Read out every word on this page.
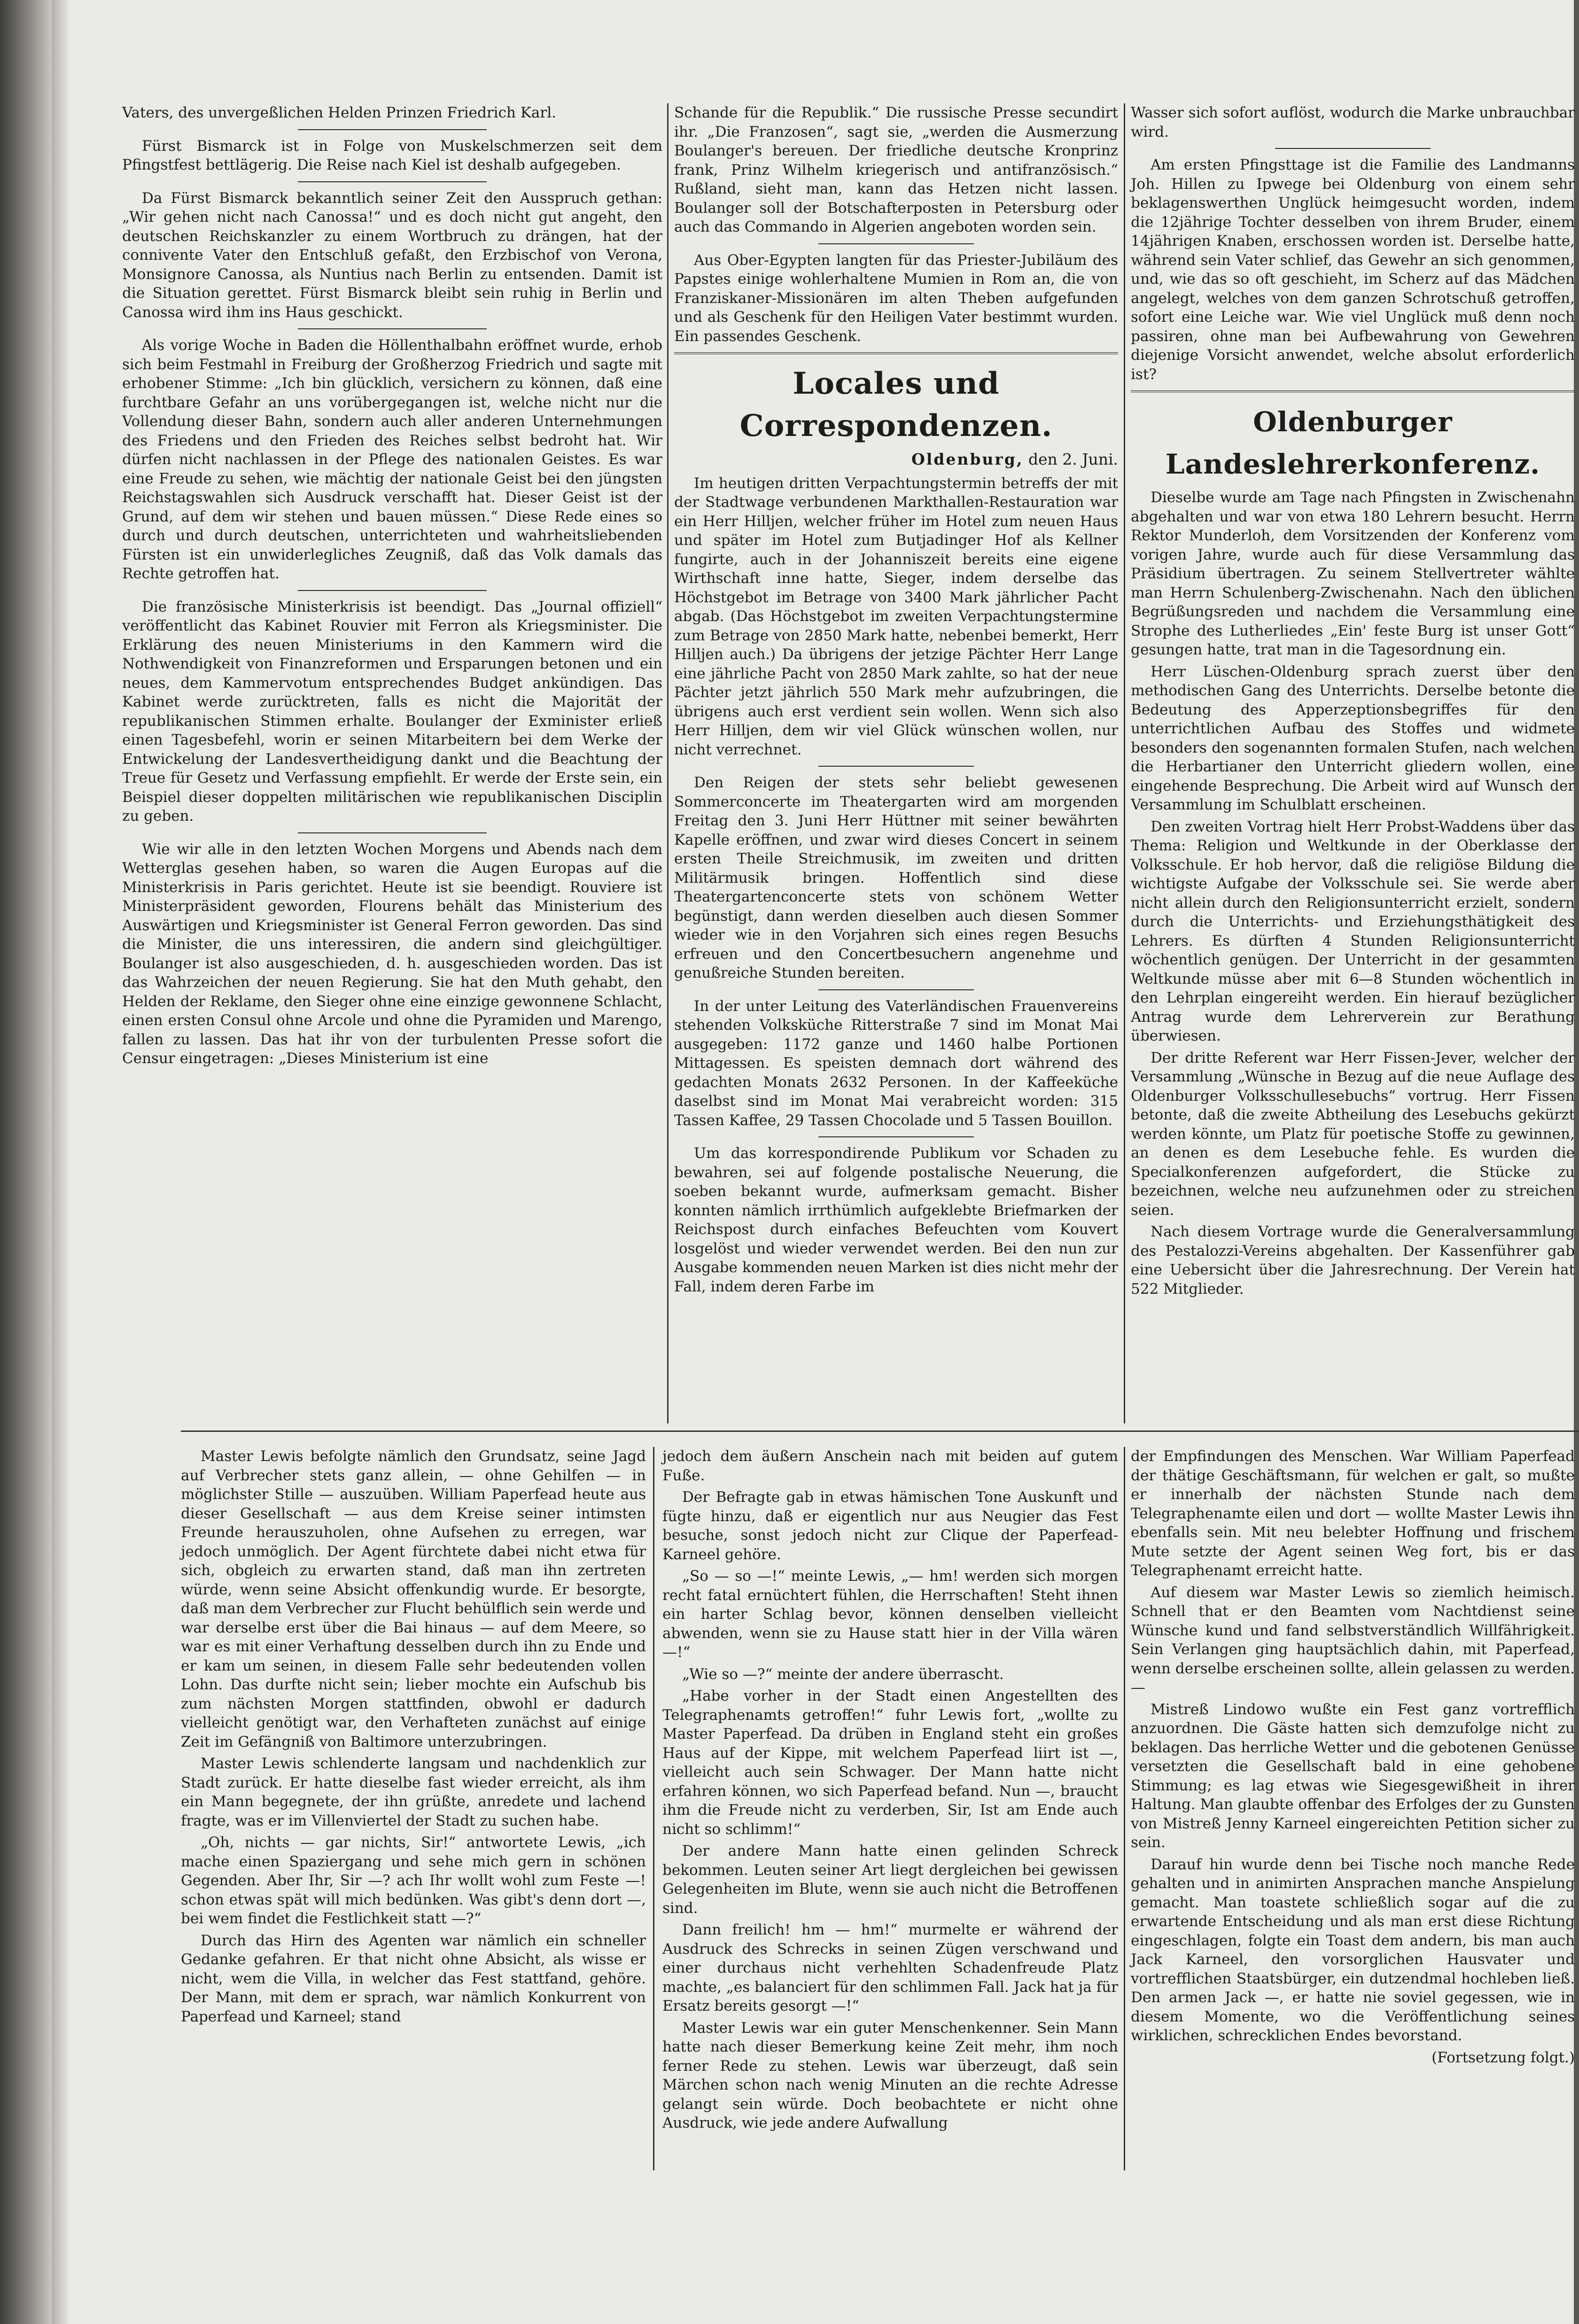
Vaters, des unvergeßlichen Helden Prinzen Friedrich Karl.

Fürst Bismarck ist in Folge von Muskelschmerzen seit dem Pfingstfest bettlägerig. Die Reise nach Kiel ist deshalb aufgegeben.

Da Fürst Bismarck bekanntlich seiner Zeit den Ausspruch gethan: „Wir gehen nicht nach Canossa!“ und es doch nicht gut angeht, den deutschen Reichskanzler zu einem Wortbruch zu drängen, hat der connivente Vater den Entschluß gefaßt, den Erzbischof von Verona, Monsignore Canossa, als Nuntius nach Berlin zu entsenden. Damit ist die Situation gerettet. Fürst Bismarck bleibt sein ruhig in Berlin und Canossa wird ihm ins Haus geschickt.

Als vorige Woche in Baden die Höllenthalbahn eröffnet wurde, erhob sich beim Festmahl in Freiburg der Großherzog Friedrich und sagte mit erhobener Stimme: „Ich bin glücklich, versichern zu können, daß eine furchtbare Gefahr an uns vorübergegangen ist, welche nicht nur die Vollendung dieser Bahn, sondern auch aller anderen Unternehmungen des Friedens und den Frieden des Reiches selbst bedroht hat. Wir dürfen nicht nachlassen in der Pflege des nationalen Geistes. Es war eine Freude zu sehen, wie mächtig der nationale Geist bei den jüngsten Reichstagswahlen sich Ausdruck verschafft hat. Dieser Geist ist der Grund, auf dem wir stehen und bauen müssen.“ Diese Rede eines so durch und durch deutschen, unterrichteten und wahrheitsliebenden Fürsten ist ein unwiderlegliches Zeugniß, daß das Volk damals das Rechte getroffen hat.

Die französische Ministerkrisis ist beendigt. Das „Journal offiziell“ veröffentlicht das Kabinet Rouvier mit Ferron als Kriegsminister. Die Erklärung des neuen Ministeriums in den Kammern wird die Nothwendigkeit von Finanzreformen und Ersparungen betonen und ein neues, dem Kammervotum entsprechendes Budget ankündigen. Das Kabinet werde zurücktreten, falls es nicht die Majorität der republikanischen Stimmen erhalte. Boulanger der Exminister erließ einen Tagesbefehl, worin er seinen Mitarbeitern bei dem Werke der Entwickelung der Landesvertheidigung dankt und die Beachtung der Treue für Gesetz und Verfassung empfiehlt. Er werde der Erste sein, ein Beispiel dieser doppelten militärischen wie republikanischen Disciplin zu geben.

Wie wir alle in den letzten Wochen Morgens und Abends nach dem Wetterglas gesehen haben, so waren die Augen Europas auf die Ministerkrisis in Paris gerichtet. Heute ist sie beendigt. Rouviere ist Ministerpräsident geworden, Flourens behält das Ministerium des Auswärtigen und Kriegsminister ist General Ferron geworden. Das sind die Minister, die uns interessiren, die andern sind gleichgültiger. Boulanger ist also ausgeschieden, d. h. ausgeschieden worden. Das ist das Wahrzeichen der neuen Regierung. Sie hat den Muth gehabt, den Helden der Reklame, den Sieger ohne eine einzige gewonnene Schlacht, einen ersten Consul ohne Arcole und ohne die Pyramiden und Marengo, fallen zu lassen. Das hat ihr von der turbulenten Presse sofort die Censur eingetragen: „Dieses Ministerium ist eine

Schande für die Republik.“ Die russische Presse secundirt ihr. „Die Franzosen“, sagt sie, „werden die Ausmerzung Boulanger's bereuen. Der friedliche deutsche Kronprinz frank, Prinz Wilhelm kriegerisch und antifranzösisch.“ Rußland, sieht man, kann das Hetzen nicht lassen. Boulanger soll der Botschafterposten in Petersburg oder auch das Commando in Algerien angeboten worden sein.

Aus Ober-Egypten langten für das Priester-Jubiläum des Papstes einige wohlerhaltene Mumien in Rom an, die von Franziskaner-Missionären im alten Theben aufgefunden und als Geschenk für den Heiligen Vater bestimmt wurden. Ein passendes Geschenk.

Locales und Correspondenzen.
Oldenburg, den 2. Juni.

Im heutigen dritten Verpachtungstermin betreffs der mit der Stadtwage verbundenen Markthallen-Restauration war ein Herr Hilljen, welcher früher im Hotel zum neuen Haus und später im Hotel zum Butjadinger Hof als Kellner fungirte, auch in der Johanniszeit bereits eine eigene Wirthschaft inne hatte, Sieger, indem derselbe das Höchstgebot im Betrage von 3400 Mark jährlicher Pacht abgab. (Das Höchstgebot im zweiten Verpachtungstermine zum Betrage von 2850 Mark hatte, nebenbei bemerkt, Herr Hilljen auch.) Da übrigens der jetzige Pächter Herr Lange eine jährliche Pacht von 2850 Mark zahlte, so hat der neue Pächter jetzt jährlich 550 Mark mehr aufzubringen, die übrigens auch erst verdient sein wollen. Wenn sich also Herr Hilljen, dem wir viel Glück wünschen wollen, nur nicht verrechnet.

Den Reigen der stets sehr beliebt gewesenen Sommerconcerte im Theatergarten wird am morgenden Freitag den 3. Juni Herr Hüttner mit seiner bewährten Kapelle eröffnen, und zwar wird dieses Concert in seinem ersten Theile Streichmusik, im zweiten und dritten Militärmusik bringen. Hoffentlich sind diese Theatergartenconcerte stets von schönem Wetter begünstigt, dann werden dieselben auch diesen Sommer wieder wie in den Vorjahren sich eines regen Besuchs erfreuen und den Concertbesuchern angenehme und genußreiche Stunden bereiten.

In der unter Leitung des Vaterländischen Frauenvereins stehenden Volksküche Ritterstraße 7 sind im Monat Mai ausgegeben: 1172 ganze und 1460 halbe Portionen Mittagessen. Es speisten demnach dort während des gedachten Monats 2632 Personen. In der Kaffeeküche daselbst sind im Monat Mai verabreicht worden: 315 Tassen Kaffee, 29 Tassen Chocolade und 5 Tassen Bouillon.

Um das korrespondirende Publikum vor Schaden zu bewahren, sei auf folgende postalische Neuerung, die soeben bekannt wurde, aufmerksam gemacht. Bisher konnten nämlich irrthümlich aufgeklebte Briefmarken der Reichspost durch einfaches Befeuchten vom Kouvert losgelöst und wieder verwendet werden. Bei den nun zur Ausgabe kommenden neuen Marken ist dies nicht mehr der Fall, indem deren Farbe im

Wasser sich sofort auflöst, wodurch die Marke unbrauchbar wird.

Am ersten Pfingsttage ist die Familie des Landmanns Joh. Hillen zu Ipwege bei Oldenburg von einem sehr beklagenswerthen Unglück heimgesucht worden, indem die 12jährige Tochter desselben von ihrem Bruder, einem 14jährigen Knaben, erschossen worden ist. Derselbe hatte, während sein Vater schlief, das Gewehr an sich genommen, und, wie das so oft geschieht, im Scherz auf das Mädchen angelegt, welches von dem ganzen Schrotschuß getroffen, sofort eine Leiche war. Wie viel Unglück muß denn noch passiren, ohne man bei Aufbewahrung von Gewehren diejenige Vorsicht anwendet, welche absolut erforderlich ist?

Oldenburger Landeslehrerkonferenz.

Dieselbe wurde am Tage nach Pfingsten in Zwischenahn abgehalten und war von etwa 180 Lehrern besucht. Herrn Rektor Munderloh, dem Vorsitzenden der Konferenz vom vorigen Jahre, wurde auch für diese Versammlung das Präsidium übertragen. Zu seinem Stellvertreter wählte man Herrn Schulenberg-Zwischenahn. Nach den üblichen Begrüßungsreden und nachdem die Versammlung eine Strophe des Lutherliedes „Ein' feste Burg ist unser Gott“ gesungen hatte, trat man in die Tagesordnung ein.

Herr Lüschen-Oldenburg sprach zuerst über den methodischen Gang des Unterrichts. Derselbe betonte die Bedeutung des Apperzeptionsbegriffes für den unterrichtlichen Aufbau des Stoffes und widmete besonders den sogenannten formalen Stufen, nach welchen die Herbartianer den Unterricht gliedern wollen, eine eingehende Besprechung. Die Arbeit wird auf Wunsch der Versammlung im Schulblatt erscheinen.

Den zweiten Vortrag hielt Herr Probst-Waddens über das Thema: Religion und Weltkunde in der Oberklasse der Volksschule. Er hob hervor, daß die religiöse Bildung die wichtigste Aufgabe der Volksschule sei. Sie werde aber nicht allein durch den Religionsunterricht erzielt, sondern durch die Unterrichts- und Erziehungsthätigkeit des Lehrers. Es dürften 4 Stunden Religionsunterricht wöchentlich genügen. Der Unterricht in der gesammten Weltkunde müsse aber mit 6—8 Stunden wöchentlich in den Lehrplan eingereiht werden. Ein hierauf bezüglicher Antrag wurde dem Lehrerverein zur Berathung überwiesen.

Der dritte Referent war Herr Fissen-Jever, welcher der Versammlung „Wünsche in Bezug auf die neue Auflage des Oldenburger Volksschullesebuchs“ vortrug. Herr Fissen betonte, daß die zweite Abtheilung des Lesebuchs gekürzt werden könnte, um Platz für poetische Stoffe zu gewinnen, an denen es dem Lesebuche fehle. Es wurden die Specialkonferenzen aufgefordert, die Stücke zu bezeichnen, welche neu aufzunehmen oder zu streichen seien.

Nach diesem Vortrage wurde die Generalversammlung des Pestalozzi-Vereins abgehalten. Der Kassenführer gab eine Uebersicht über die Jahresrechnung. Der Verein hat 522 Mitglieder.

Master Lewis befolgte nämlich den Grundsatz, seine Jagd auf Verbrecher stets ganz allein, — ohne Gehilfen — in möglichster Stille — auszuüben. William Paperfead heute aus dieser Gesellschaft — aus dem Kreise seiner intimsten Freunde herauszuholen, ohne Aufsehen zu erregen, war jedoch unmöglich. Der Agent fürchtete dabei nicht etwa für sich, obgleich zu erwarten stand, daß man ihn zertreten würde, wenn seine Absicht offenkundig wurde. Er besorgte, daß man dem Verbrecher zur Flucht behülflich sein werde und war derselbe erst über die Bai hinaus — auf dem Meere, so war es mit einer Verhaftung desselben durch ihn zu Ende und er kam um seinen, in diesem Falle sehr bedeutenden vollen Lohn. Das durfte nicht sein; lieber mochte ein Aufschub bis zum nächsten Morgen stattfinden, obwohl er dadurch vielleicht genötigt war, den Verhafteten zunächst auf einige Zeit im Gefängniß von Baltimore unterzubringen.

Master Lewis schlenderte langsam und nachdenklich zur Stadt zurück. Er hatte dieselbe fast wieder erreicht, als ihm ein Mann begegnete, der ihn grüßte, anredete und lachend fragte, was er im Villenviertel der Stadt zu suchen habe.

„Oh, nichts — gar nichts, Sir!“ antwortete Lewis, „ich mache einen Spaziergang und sehe mich gern in schönen Gegenden. Aber Ihr, Sir —? ach Ihr wollt wohl zum Feste —! schon etwas spät will mich bedünken. Was gibt's denn dort —, bei wem findet die Festlichkeit statt —?“

Durch das Hirn des Agenten war nämlich ein schneller Gedanke gefahren. Er that nicht ohne Absicht, als wisse er nicht, wem die Villa, in welcher das Fest stattfand, gehöre. Der Mann, mit dem er sprach, war nämlich Konkurrent von Paperfead und Karneel; stand

jedoch dem äußern Anschein nach mit beiden auf gutem Fuße.

Der Befragte gab in etwas hämischen Tone Auskunft und fügte hinzu, daß er eigentlich nur aus Neugier das Fest besuche, sonst jedoch nicht zur Clique der Paperfead-Karneel gehöre.

„So — so —!“ meinte Lewis, „— hm! werden sich morgen recht fatal ernüchtert fühlen, die Herrschaften! Steht ihnen ein harter Schlag bevor, können denselben vielleicht abwenden, wenn sie zu Hause statt hier in der Villa wären —!“

„Wie so —?“ meinte der andere überrascht.

„Habe vorher in der Stadt einen Angestellten des Telegraphenamts getroffen!“ fuhr Lewis fort, „wollte zu Master Paperfead. Da drüben in England steht ein großes Haus auf der Kippe, mit welchem Paperfead liirt ist —, vielleicht auch sein Schwager. Der Mann hatte nicht erfahren können, wo sich Paperfead befand. Nun —, braucht ihm die Freude nicht zu verderben, Sir, Ist am Ende auch nicht so schlimm!“

Der andere Mann hatte einen gelinden Schreck bekommen. Leuten seiner Art liegt dergleichen bei gewissen Gelegenheiten im Blute, wenn sie auch nicht die Betroffenen sind.

Dann freilich! hm — hm!“ murmelte er während der Ausdruck des Schrecks in seinen Zügen verschwand und einer durchaus nicht verhehlten Schadenfreude Platz machte, „es balanciert für den schlimmen Fall. Jack hat ja für Ersatz bereits gesorgt —!“

Master Lewis war ein guter Menschenkenner. Sein Mann hatte nach dieser Bemerkung keine Zeit mehr, ihm noch ferner Rede zu stehen. Lewis war überzeugt, daß sein Märchen schon nach wenig Minuten an die rechte Adresse gelangt sein würde. Doch beobachtete er nicht ohne Ausdruck, wie jede andere Aufwallung

der Empfindungen des Menschen. War William Paperfead der thätige Geschäftsmann, für welchen er galt, so mußte er innerhalb der nächsten Stunde nach dem Telegraphenamte eilen und dort — wollte Master Lewis ihn ebenfalls sein. Mit neu belebter Hoffnung und frischem Mute setzte der Agent seinen Weg fort, bis er das Telegraphenamt erreicht hatte.

Auf diesem war Master Lewis so ziemlich heimisch. Schnell that er den Beamten vom Nachtdienst seine Wünsche kund und fand selbstverständlich Willfährigkeit. Sein Verlangen ging hauptsächlich dahin, mit Paperfead, wenn derselbe erscheinen sollte, allein gelassen zu werden. —

Mistreß Lindowo wußte ein Fest ganz vortrefflich anzuordnen. Die Gäste hatten sich demzufolge nicht zu beklagen. Das herrliche Wetter und die gebotenen Genüsse versetzten die Gesellschaft bald in eine gehobene Stimmung; es lag etwas wie Siegesgewißheit in ihrer Haltung. Man glaubte offenbar des Erfolges der zu Gunsten von Mistreß Jenny Karneel eingereichten Petition sicher zu sein.

Darauf hin wurde denn bei Tische noch manche Rede gehalten und in animirten Ansprachen manche Anspielung gemacht. Man toastete schließlich sogar auf die zu erwartende Entscheidung und als man erst diese Richtung eingeschlagen, folgte ein Toast dem andern, bis man auch Jack Karneel, den vorsorglichen Hausvater und vortrefflichen Staatsbürger, ein dutzendmal hochleben ließ. Den armen Jack —, er hatte nie soviel gegessen, wie in diesem Momente, wo die Veröffentlichung seines wirklichen, schrecklichen Endes bevorstand.

(Fortsetzung folgt.)
